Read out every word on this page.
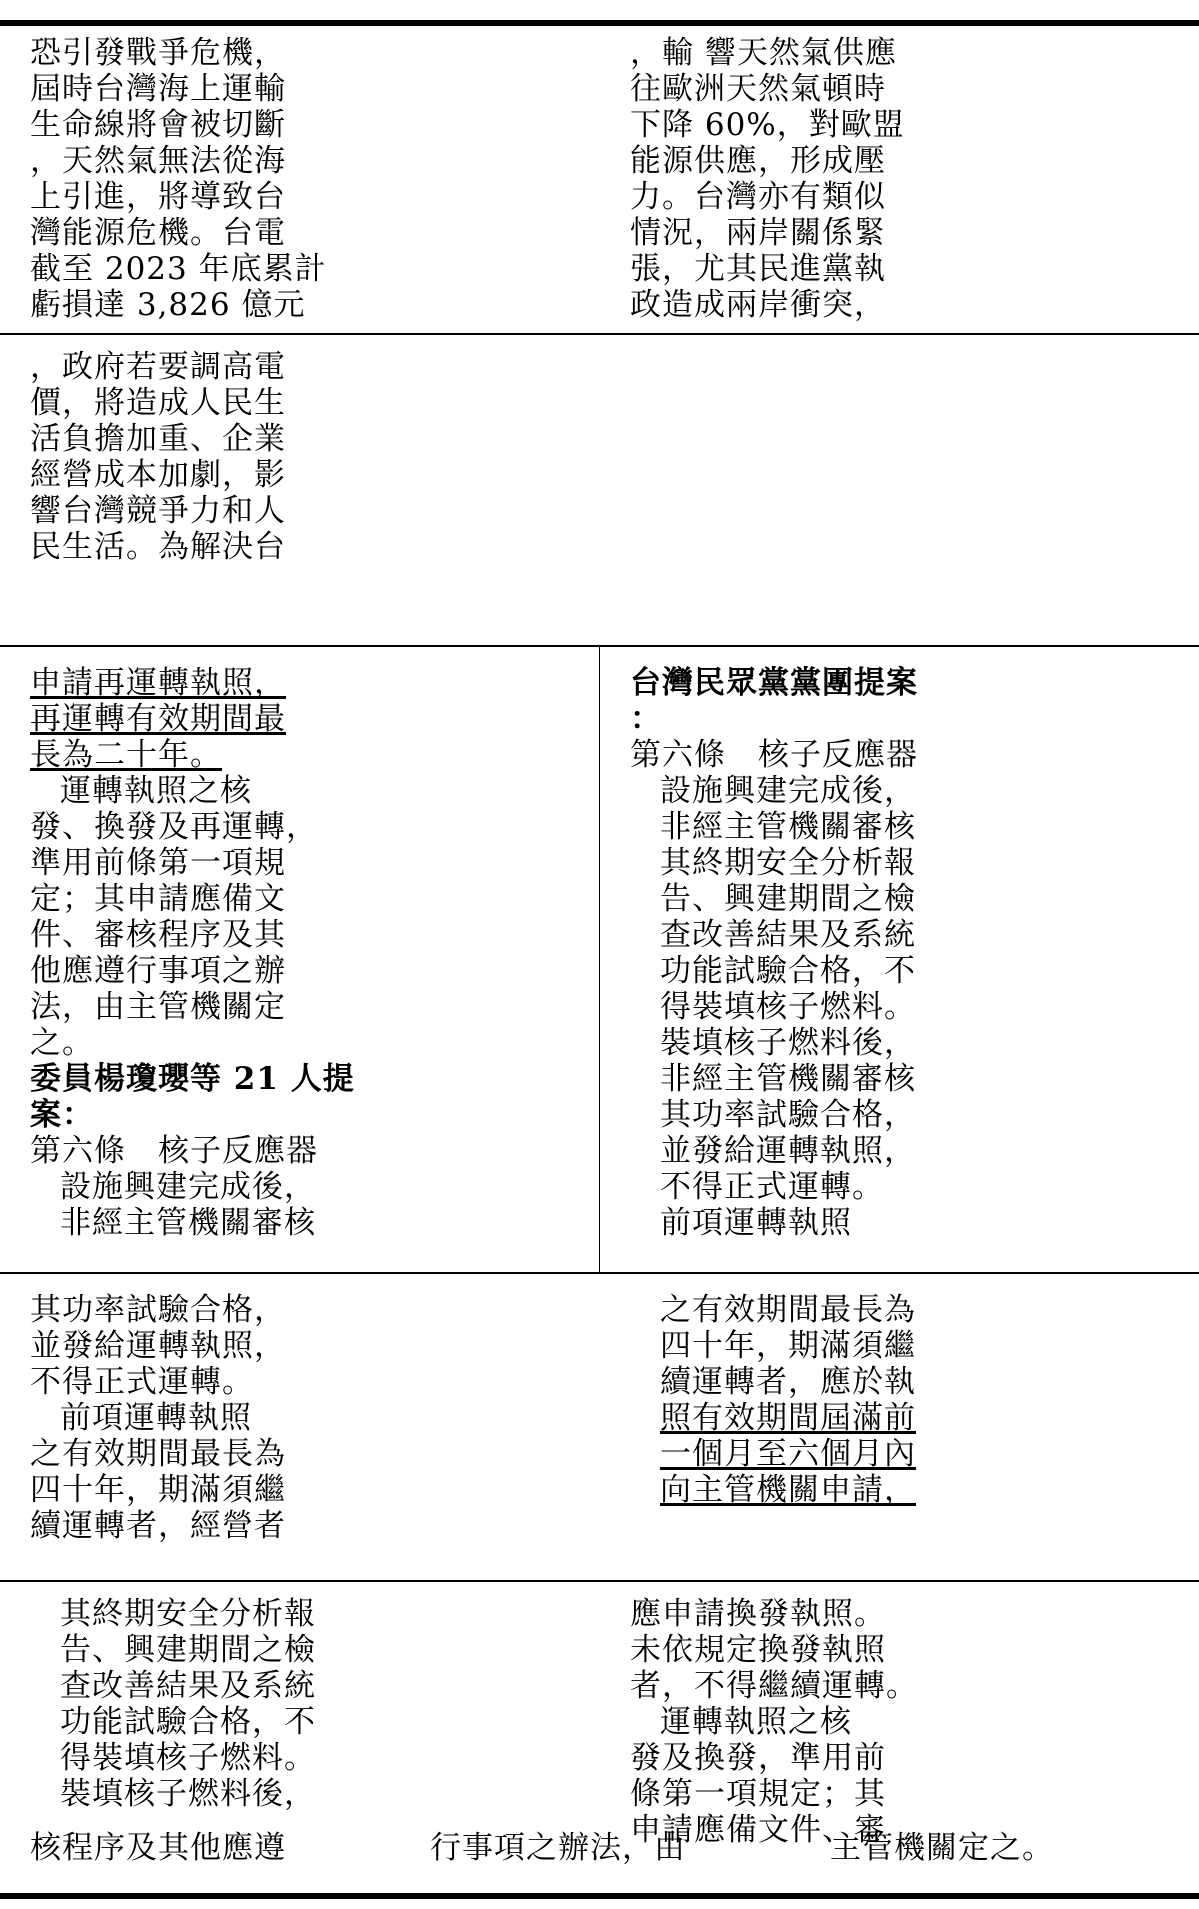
，輸 響天然氣供應
往歐洲天然氣頓時
下降 60%，對歐盟
能源供應，形成壓
力。台灣亦有類似
情況，兩岸關係緊
張，尤其民進黨執
政造成兩岸衝突，
申請再運轉執照，
再運轉有效期間最
長為二十年。
運轉執照之核
發、換發及再運轉，
準用前條第一項規
定；其申請應備文
件、審核程序及其
他應遵行事項之辦
法，由主管機關定
之。
委員楊瓊瓔等 21 人提
案：
第六條　核子反應器
設施興建完成後，
非經主管機關審核
台灣民眾黨黨團提案
：
第六條　核子反應器
設施興建完成後，
非經主管機關審核
其終期安全分析報
告、興建期間之檢
查改善結果及系統
功能試驗合格，不
得裝填核子燃料。
裝填核子燃料後，
非經主管機關審核
其功率試驗合格，
並發給運轉執照，
不得正式運轉。
前項運轉執照
其功率試驗合格，
並發給運轉執照，
不得正式運轉。
前項運轉執照
之有效期間最長為
四十年，期滿須繼
續運轉者，經營者
恐引發戰爭危機，
屆時台灣海上運輸
生命線將會被切斷
，天然氣無法從海
上引進，將導致台
灣能源危機。台電
截至 2023 年底累計
虧損達 3,826 億元
，政府若要調高電
價，將造成人民生
活負擔加重、企業
經營成本加劇，影
響台灣競爭力和人
民生活。為解決台
其終期安全分析報
告、興建期間之檢
查改善結果及系統
功能試驗合格，不
得裝填核子燃料。
裝填核子燃料後，
之有效期間最長為
四十年，期滿須繼
續運轉者，應於執
照有效期間屆滿前
一個月至六個月內
向主管機關申請，
應申請換發執照。
未依規定換發執照
者，不得繼續運轉。
運轉執照之核
發及換發，準用前
條第一項規定；其
申請應備文件、審
核程序及其他應遵	行事項之辦法，由	主管機關定之。
